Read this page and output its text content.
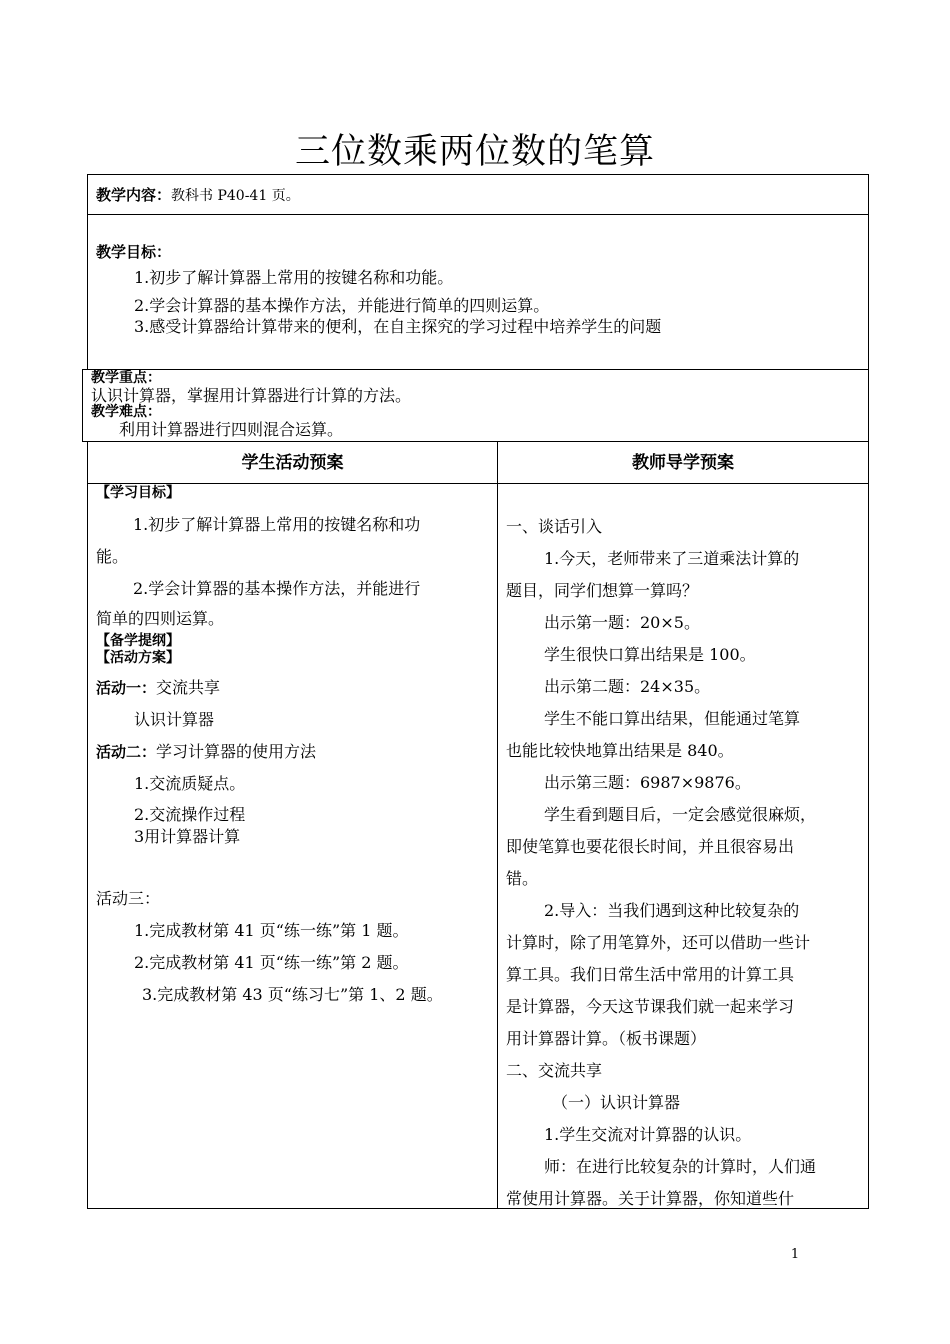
三位数乘两位数的笔算
教学内容：教科书 P40-41 页。
教学目标：
1.初步了解计算器上常用的按键名称和功能。
2.学会计算器的基本操作方法，并能进行简单的四则运算。
3.感受计算器给计算带来的便利，在自主探究的学习过程中培养学生的问题
教学重点：
认识计算器，掌握用计算器进行计算的方法。
教学难点：
利用计算器进行四则混合运算。
学生活动预案	教师导学预案
【学习目标】

1.初步了解计算器上常用的按键名称和功

能。

2.学会计算器的基本操作方法，并能进行

简单的四则运算。

【备学提纲】
【活动方案】

活动一：交流共享

认识计算器

活动二：学习计算器的使用方法

1.交流质疑点。

2.交流操作过程

3用计算器计算

活动三：

1.完成教材第 41 页“练一练”第 1 题。

2.完成教材第 41 页“练一练”第 2 题。

3.完成教材第 43 页“练习七”第 1、2 题。

一、谈话引入

1.今天，老师带来了三道乘法计算的

题目，同学们想算一算吗？

出示第一题：20×5。

学生很快口算出结果是 100。

出示第二题：24×35。

学生不能口算出结果，但能通过笔算

也能比较快地算出结果是 840。

出示第三题：6987×9876。

学生看到题目后，一定会感觉很麻烦，

即使笔算也要花很长时间，并且很容易出

错。

2.导入：当我们遇到这种比较复杂的

计算时，除了用笔算外，还可以借助一些计

算工具。我们日常生活中常用的计算工具

是计算器，今天这节课我们就一起来学习

用计算器计算。（板书课题）

二、交流共享

（一）认识计算器

1.学生交流对计算器的认识。

师：在进行比较复杂的计算时，人们通

常使用计算器。关于计算器，你知道些什

1
